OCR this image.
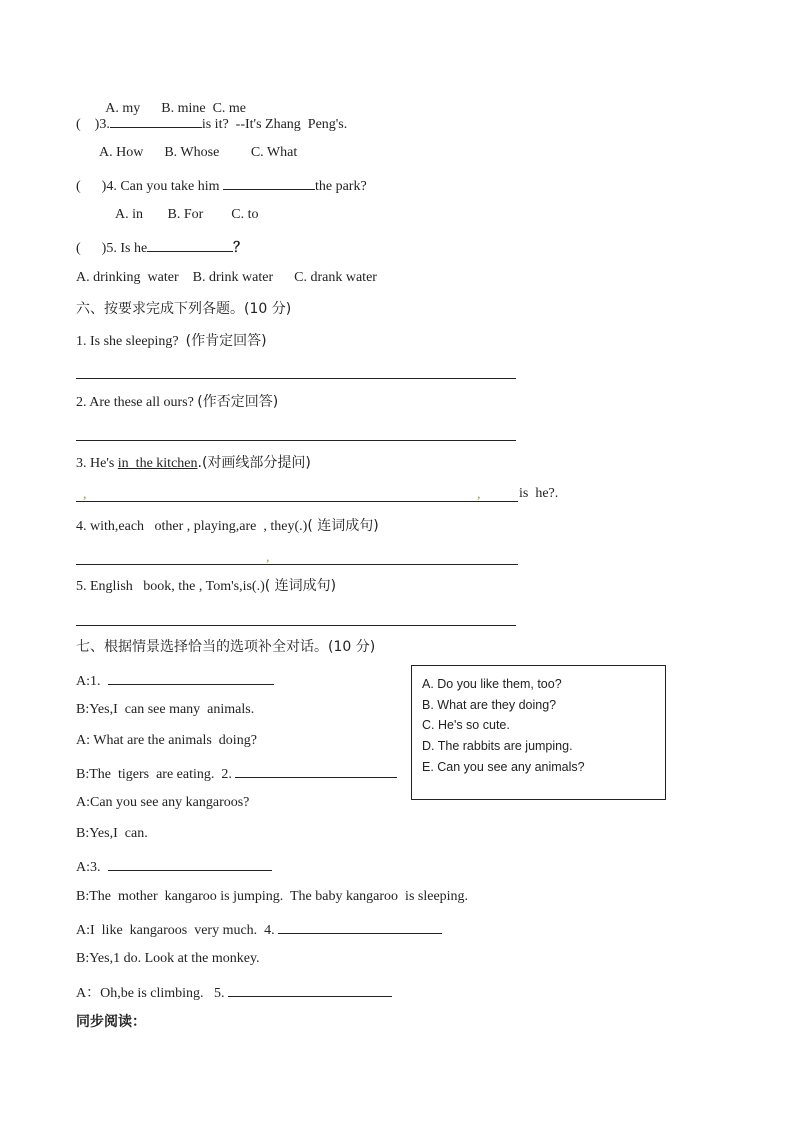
A. my B. mine C. me

( )3.	is it?  --It's Zhang  Peng's.
A. How B. Whose C. What
( )4. Can you take him	the park?
A. in B. For C. to
( )5. Is he	？
A. drinking  water B. drink water C. drank water
六、按要求完成下列各题。(10 分)
1. Is she sleeping? (作肯定回答)
2. Are these all ours? (作否定回答)
3. He's in  the kitchen.(对画线部分提问)
,	,	is  he?.
4. with,each   other , playing,are  , they(.)( 连词成句)
,
5. English   book, the , Tom's,is(.)( 连词成句)
七、根据情景选择恰当的选项补全对话。(10 分)
A. Do you like them, too?
B. What are they doing?
C. He's so cute.
D. The rabbits are jumping.
E. Can you see any animals?
A:1.
B:Yes,I  can see many  animals.
A: What are the animals  doing?
B:The  tigers  are eating.  2.
A:Can you see any kangaroos?
B:Yes,I  can.
A:3.
B:The  mother  kangaroo is jumping.  The baby kangaroo  is sleeping.
A:I  like  kangaroos  very much.  4.
B:Yes,1 do. Look at the monkey.
A：Oh,be is climbing.   5.
同步阅读：
